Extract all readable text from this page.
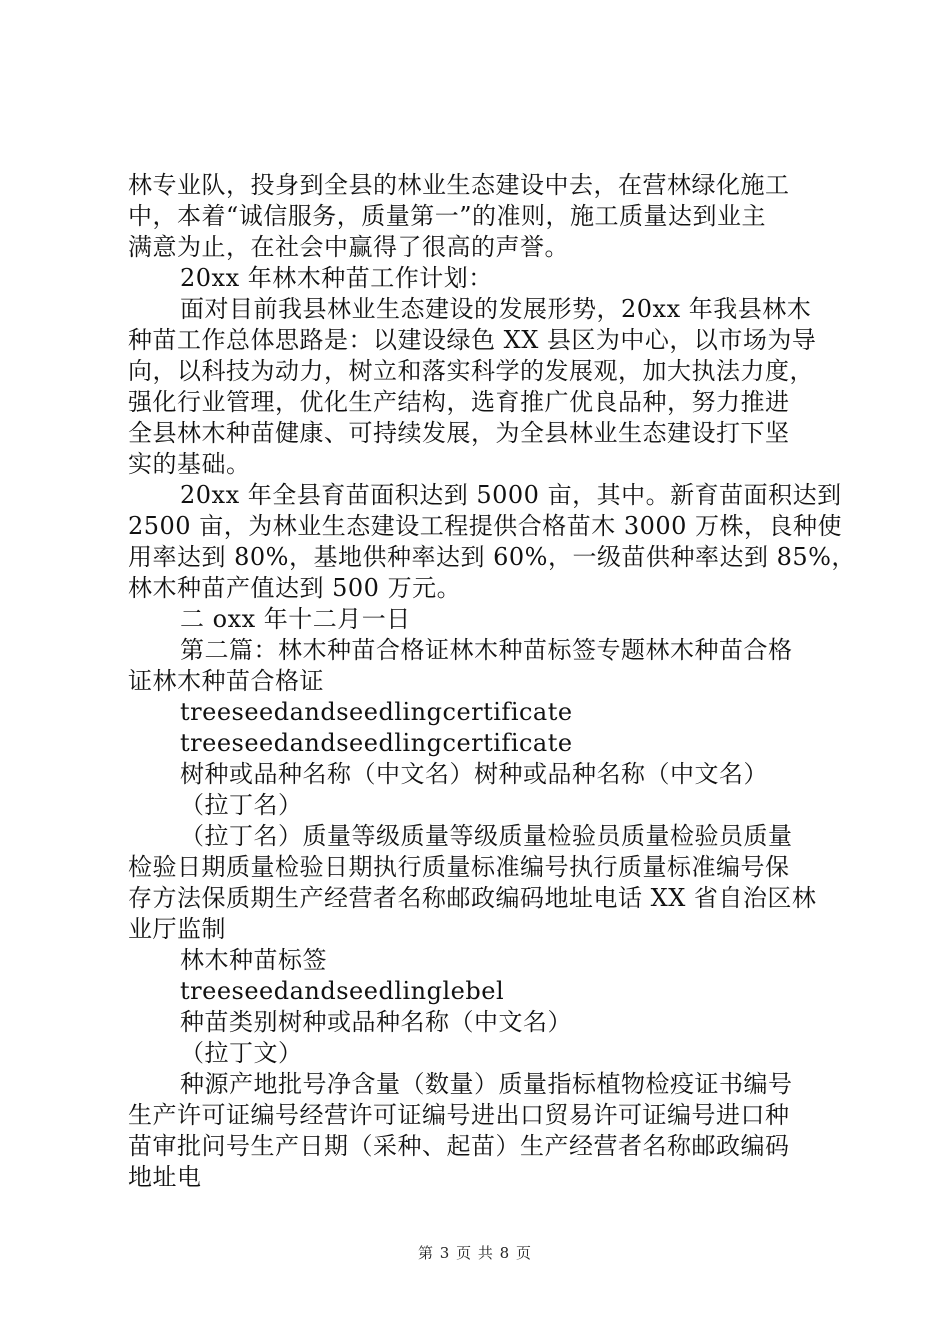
林专业队，投身到全县的林业生态建设中去，在营林绿化施工
中，本着“诚信服务，质量第一”的准则，施工质量达到业主
满意为止，在社会中赢得了很高的声誉。
20xx 年林木种苗工作计划：
面对目前我县林业生态建设的发展形势，20xx 年我县林木
种苗工作总体思路是：以建设绿色 XX 县区为中心，以市场为导
向，以科技为动力，树立和落实科学的发展观，加大执法力度，
强化行业管理，优化生产结构，选育推广优良品种，努力推进
全县林木种苗健康、可持续发展，为全县林业生态建设打下坚
实的基础。
20xx 年全县育苗面积达到 5000 亩，其中。新育苗面积达到
2500 亩，为林业生态建设工程提供合格苗木 3000 万株，良种使
用率达到 80%，基地供种率达到 60%，一级苗供种率达到 85%，
林木种苗产值达到 500 万元。
二 oxx 年十二月一日
第二篇：林木种苗合格证林木种苗标签专题林木种苗合格
证林木种苗合格证
treeseedandseedlingcertificate
treeseedandseedlingcertificate
树种或品种名称（中文名）树种或品种名称（中文名）
（拉丁名）
（拉丁名）质量等级质量等级质量检验员质量检验员质量
检验日期质量检验日期执行质量标准编号执行质量标准编号保
存方法保质期生产经营者名称邮政编码地址电话 XX 省自治区林
业厅监制
林木种苗标签
treeseedandseedlinglebel
种苗类别树种或品种名称（中文名）
（拉丁文）
种源产地批号净含量（数量）质量指标植物检疫证书编号
生产许可证编号经营许可证编号进出口贸易许可证编号进口种
苗审批问号生产日期（采种、起苗）生产经营者名称邮政编码
地址电
第 3 页 共 8 页
